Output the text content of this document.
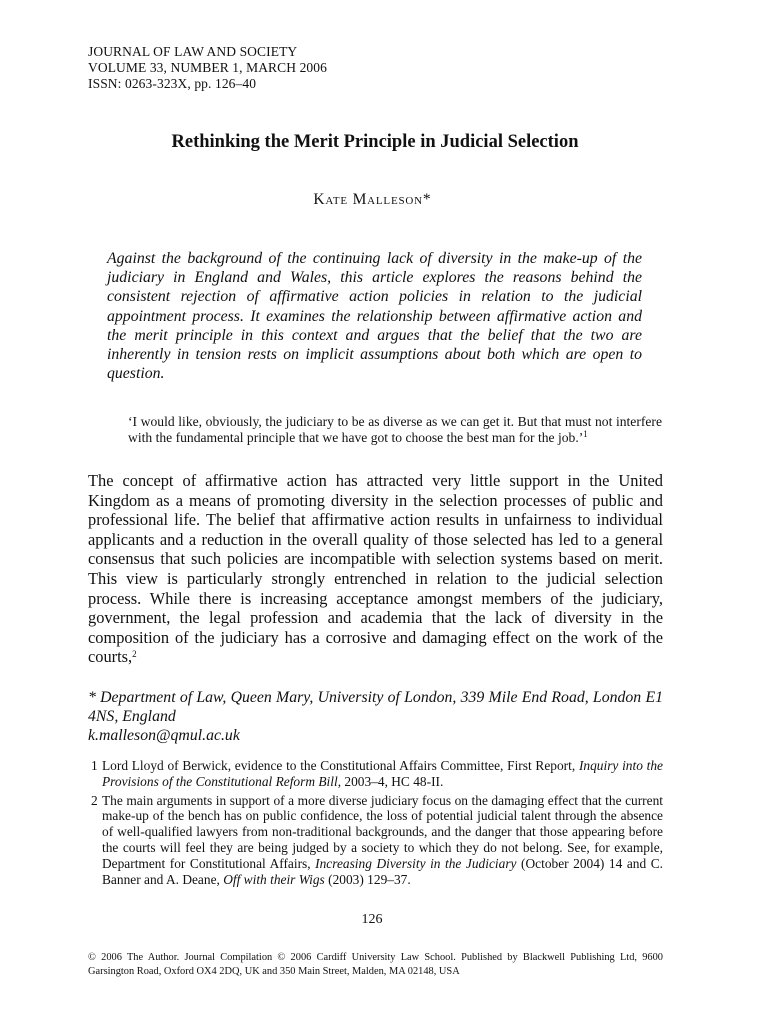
JOURNAL OF LAW AND SOCIETY
VOLUME 33, NUMBER 1, MARCH 2006
ISSN: 0263-323X, pp. 126–40
Rethinking the Merit Principle in Judicial Selection
Kate Malleson*
Against the background of the continuing lack of diversity in the make-up of the judiciary in England and Wales, this article explores the reasons behind the consistent rejection of affirmative action policies in relation to the judicial appointment process. It examines the relationship between affirmative action and the merit principle in this context and argues that the belief that the two are inherently in tension rests on implicit assumptions about both which are open to question.
‘I would like, obviously, the judiciary to be as diverse as we can get it. But that must not interfere with the fundamental principle that we have got to choose the best man for the job.’$^1$
The concept of affirmative action has attracted very little support in the United Kingdom as a means of promoting diversity in the selection processes of public and professional life. The belief that affirmative action results in unfairness to individual applicants and a reduction in the overall quality of those selected has led to a general consensus that such policies are incompatible with selection systems based on merit. This view is particularly strongly entrenched in relation to the judicial selection process. While there is increasing acceptance amongst members of the judiciary, government, the legal profession and academia that the lack of diversity in the composition of the judiciary has a corrosive and damaging effect on the work of the courts,$^2$
* Department of Law, Queen Mary, University of London, 339 Mile End Road, London E1 4NS, England
k.malleson@qmul.ac.uk
1 Lord Lloyd of Berwick, evidence to the Constitutional Affairs Committee, First Report, Inquiry into the Provisions of the Constitutional Reform Bill, 2003–4, HC 48-II.
2 The main arguments in support of a more diverse judiciary focus on the damaging effect that the current make-up of the bench has on public confidence, the loss of potential judicial talent through the absence of well-qualified lawyers from non-traditional backgrounds, and the danger that those appearing before the courts will feel they are being judged by a society to which they do not belong. See, for example, Department for Constitutional Affairs, Increasing Diversity in the Judiciary (October 2004) 14 and C. Banner and A. Deane, Off with their Wigs (2003) 129–37.
126
© 2006 The Author. Journal Compilation © 2006 Cardiff University Law School. Published by Blackwell Publishing Ltd, 9600 Garsington Road, Oxford OX4 2DQ, UK and 350 Main Street, Malden, MA 02148, USA
